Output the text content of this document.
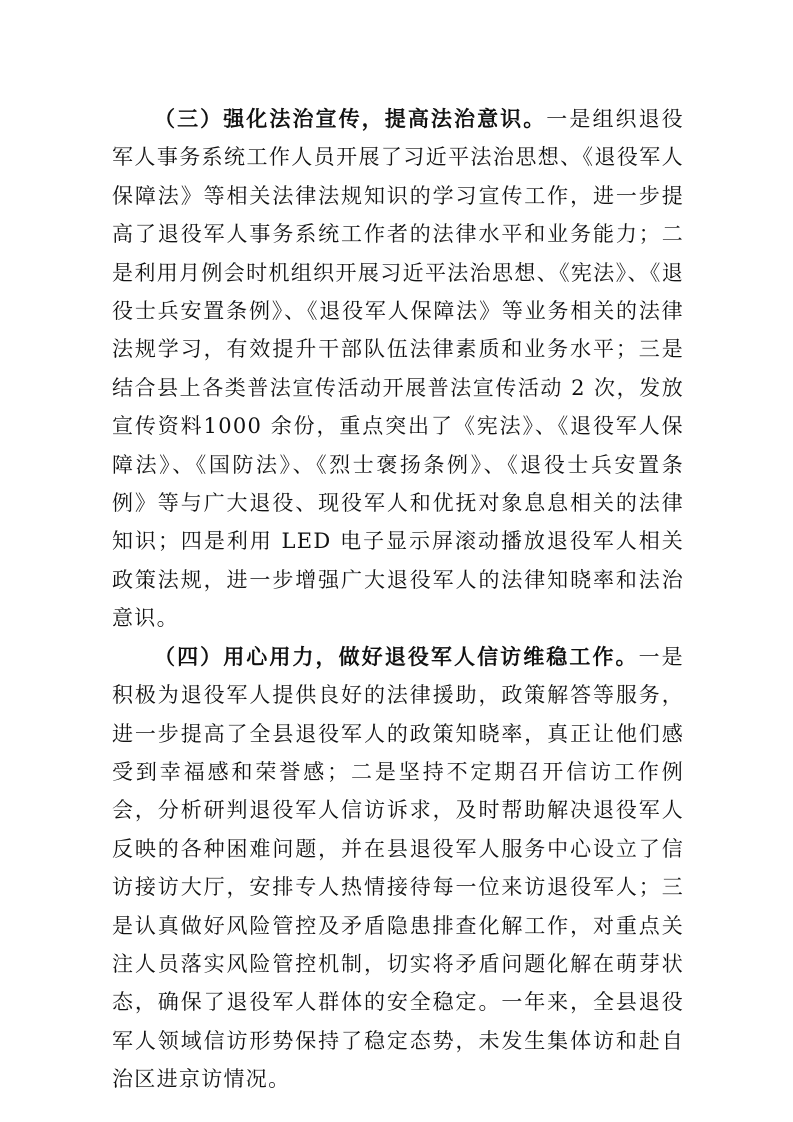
（三）强化法治宣传，提高法治意识。一是组织退役军人事务系统工作人员开展了习近平法治思想、《退役军人保障法》等相关法律法规知识的学习宣传工作，进一步提高了退役军人事务系统工作者的法律水平和业务能力；二是利用月例会时机组织开展习近平法治思想、《宪法》、《退役士兵安置条例》、《退役军人保障法》等业务相关的法律法规学习，有效提升干部队伍法律素质和业务水平；三是结合县上各类普法宣传活动开展普法宣传活动 2 次，发放宣传资料1000 余份，重点突出了《宪法》、《退役军人保障法》、《国防法》、《烈士褒扬条例》、《退役士兵安置条例》等与广大退役、现役军人和优抚对象息息相关的法律知识；四是利用 LED 电子显示屏滚动播放退役军人相关政策法规，进一步增强广大退役军人的法律知晓率和法治意识。

（四）用心用力，做好退役军人信访维稳工作。一是积极为退役军人提供良好的法律援助，政策解答等服务，进一步提高了全县退役军人的政策知晓率，真正让他们感受到幸福感和荣誉感；二是坚持不定期召开信访工作例会，分析研判退役军人信访诉求，及时帮助解决退役军人反映的各种困难问题，并在县退役军人服务中心设立了信访接访大厅，安排专人热情接待每一位来访退役军人；三是认真做好风险管控及矛盾隐患排查化解工作，对重点关注人员落实风险管控机制，切实将矛盾问题化解在萌芽状态，确保了退役军人群体的安全稳定。一年来，全县退役军人领域信访形势保持了稳定态势，未发生集体访和赴自治区进京访情况。
